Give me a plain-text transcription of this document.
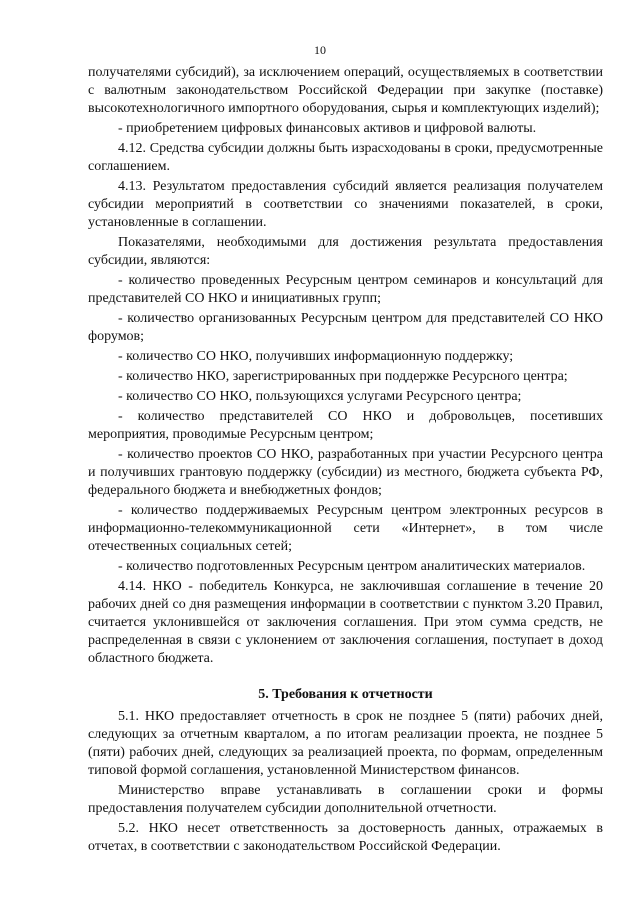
10

получателями субсидий), за исключением операций, осуществляемых в соответствии с валютным законодательством Российской Федерации при закупке (поставке) высокотехнологичного импортного оборудования, сырья и комплектующих изделий);

- приобретением цифровых финансовых активов и цифровой валюты.

4.12. Средства субсидии должны быть израсходованы в сроки, предусмотренные соглашением.

4.13. Результатом предоставления субсидий является реализация получателем субсидии мероприятий в соответствии со значениями показателей, в сроки, установленные в соглашении.

Показателями, необходимыми для достижения результата предоставления субсидии, являются:

- количество проведенных Ресурсным центром семинаров и консультаций для представителей СО НКО и инициативных групп;

- количество организованных Ресурсным центром для представителей СО НКО форумов;

- количество СО НКО, получивших информационную поддержку;

- количество НКО, зарегистрированных при поддержке Ресурсного центра;

- количество СО НКО, пользующихся услугами Ресурсного центра;

- количество представителей СО НКО и добровольцев, посетивших мероприятия, проводимые Ресурсным центром;

- количество проектов СО НКО, разработанных при участии Ресурсного центра и получивших грантовую поддержку (субсидии) из местного, бюджета субъекта РФ, федерального бюджета и внебюджетных фондов;

- количество поддерживаемых Ресурсным центром электронных ресурсов в информационно-телекоммуникационной сети «Интернет», в том числе отечественных социальных сетей;

- количество подготовленных Ресурсным центром аналитических материалов.

4.14. НКО - победитель Конкурса, не заключившая соглашение в течение 20 рабочих дней со дня размещения информации в соответствии с пунктом 3.20 Правил, считается уклонившейся от заключения соглашения. При этом сумма средств, не распределенная в связи с уклонением от заключения соглашения, поступает в доход областного бюджета.

5. Требования к отчетности

5.1. НКО предоставляет отчетность в срок не позднее 5 (пяти) рабочих дней, следующих за отчетным кварталом, а по итогам реализации проекта, не позднее 5 (пяти) рабочих дней, следующих за реализацией проекта, по формам, определенным типовой формой соглашения, установленной Министерством финансов.

Министерство вправе устанавливать в соглашении сроки и формы предоставления получателем субсидии дополнительной отчетности.

5.2. НКО несет ответственность за достоверность данных, отражаемых в отчетах, в соответствии с законодательством Российской Федерации.
